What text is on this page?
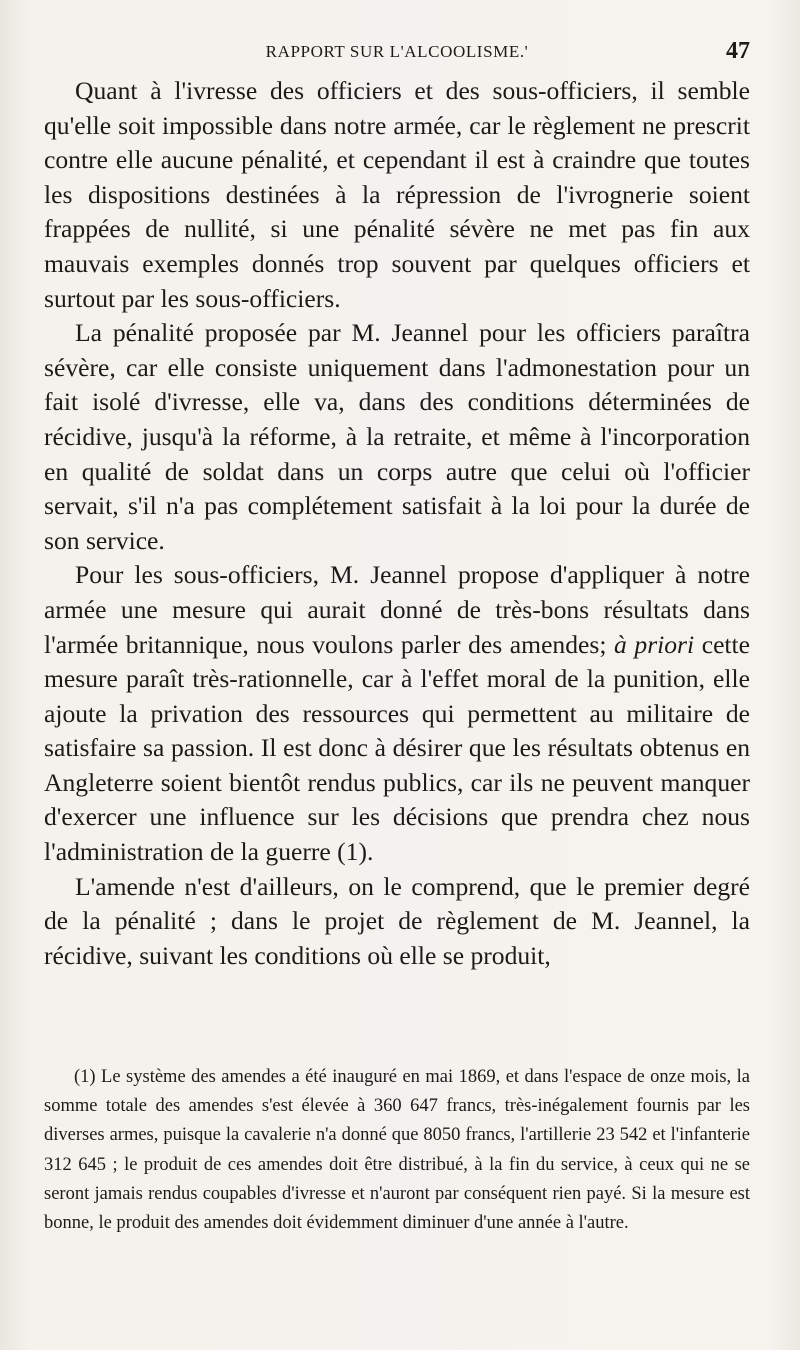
RAPPORT SUR L'ALCOOLISME.'	47

Quant à l'ivresse des officiers et des sous-officiers, il semble qu'elle soit impossible dans notre armée, car le règlement ne prescrit contre elle aucune pénalité, et cependant il est à craindre que toutes les dispositions destinées à la répression de l'ivrognerie soient frappées de nullité, si une pénalité sévère ne met pas fin aux mauvais exemples donnés trop souvent par quelques officiers et surtout par les sous-officiers.

La pénalité proposée par M. Jeannel pour les officiers paraîtra sévère, car elle consiste uniquement dans l'admonestation pour un fait isolé d'ivresse, elle va, dans des conditions déterminées de récidive, jusqu'à la réforme, à la retraite, et même à l'incorporation en qualité de soldat dans un corps autre que celui où l'officier servait, s'il n'a pas complétement satisfait à la loi pour la durée de son service.

Pour les sous-officiers, M. Jeannel propose d'appliquer à notre armée une mesure qui aurait donné de très-bons résultats dans l'armée britannique, nous voulons parler des amendes; à priori cette mesure paraît très-rationnelle, car à l'effet moral de la punition, elle ajoute la privation des ressources qui permettent au militaire de satisfaire sa passion. Il est donc à désirer que les résultats obtenus en Angleterre soient bientôt rendus publics, car ils ne peuvent manquer d'exercer une influence sur les décisions que prendra chez nous l'administration de la guerre (1).

L'amende n'est d'ailleurs, on le comprend, que le premier degré de la pénalité ; dans le projet de règlement de M. Jeannel, la récidive, suivant les conditions où elle se produit,

(1) Le système des amendes a été inauguré en mai 1869, et dans l'espace de onze mois, la somme totale des amendes s'est élevée à 360 647 francs, très-inégalement fournis par les diverses armes, puisque la cavalerie n'a donné que 8050 francs, l'artillerie 23 542 et l'infanterie 312 645 ; le produit de ces amendes doit être distribué, à la fin du service, à ceux qui ne se seront jamais rendus coupables d'ivresse et n'auront par conséquent rien payé. Si la mesure est bonne, le produit des amendes doit évidemment diminuer d'une année à l'autre.
